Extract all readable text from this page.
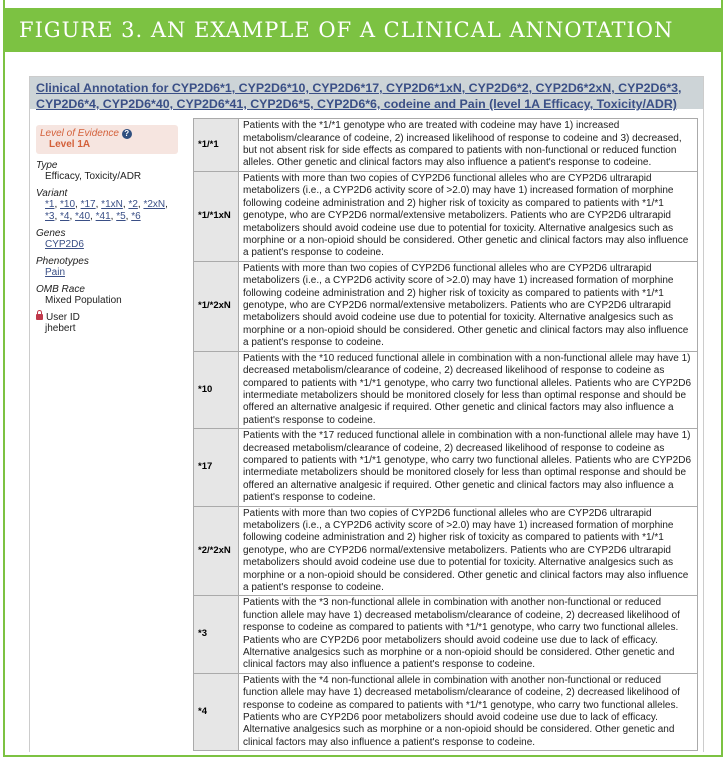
FIGURE 3. AN EXAMPLE OF A CLINICAL ANNOTATION
Clinical Annotation for CYP2D6*1, CYP2D6*10, CYP2D6*17, CYP2D6*1xN, CYP2D6*2, CYP2D6*2xN, CYP2D6*3, CYP2D6*4, CYP2D6*40, CYP2D6*41, CYP2D6*5, CYP2D6*6, codeine and Pain (level 1A Efficacy, Toxicity/ADR)
Level of Evidence ?
Level 1A
Type
Efficacy, Toxicity/ADR
Variant
*1, *10, *17, *1xN, *2, *2xN, *3, *4, *40, *41, *5, *6
Genes
CYP2D6
Phenotypes
Pain
OMB Race
Mixed Population
User ID
jhebert
*1/*1	Patients with the *1/*1 genotype who are treated with codeine may have 1) increased metabolism/clearance of codeine, 2) increased likelihood of response to codeine and 3) decreased, but not absent risk for side effects as compared to patients with non-functional or reduced function alleles. Other genetic and clinical factors may also influence a patient's response to codeine.
*1/*1xN	Patients with more than two copies of CYP2D6 functional alleles who are CYP2D6 ultrarapid metabolizers (i.e., a CYP2D6 activity score of >2.0) may have 1) increased formation of morphine following codeine administration and 2) higher risk of toxicity as compared to patients with *1/*1 genotype, who are CYP2D6 normal/extensive metabolizers. Patients who are CYP2D6 ultrarapid metabolizers should avoid codeine use due to potential for toxicity. Alternative analgesics such as morphine or a non-opioid should be considered. Other genetic and clinical factors may also influence a patient's response to codeine.
*1/*2xN	Patients with more than two copies of CYP2D6 functional alleles who are CYP2D6 ultrarapid metabolizers (i.e., a CYP2D6 activity score of >2.0) may have 1) increased formation of morphine following codeine administration and 2) higher risk of toxicity as compared to patients with *1/*1 genotype, who are CYP2D6 normal/extensive metabolizers. Patients who are CYP2D6 ultrarapid metabolizers should avoid codeine use due to potential for toxicity. Alternative analgesics such as morphine or a non-opioid should be considered. Other genetic and clinical factors may also influence a patient's response to codeine.
*10	Patients with the *10 reduced functional allele in combination with a non-functional allele may have 1) decreased metabolism/clearance of codeine, 2) decreased likelihood of response to codeine as compared to patients with *1/*1 genotype, who carry two functional alleles. Patients who are CYP2D6 intermediate metabolizers should be monitored closely for less than optimal response and should be offered an alternative analgesic if required. Other genetic and clinical factors may also influence a patient's response to codeine.
*17	Patients with the *17 reduced functional allele in combination with a non-functional allele may have 1) decreased metabolism/clearance of codeine, 2) decreased likelihood of response to codeine as compared to patients with *1/*1 genotype, who carry two functional alleles. Patients who are CYP2D6 intermediate metabolizers should be monitored closely for less than optimal response and should be offered an alternative analgesic if required. Other genetic and clinical factors may also influence a patient's response to codeine.
*2/*2xN	Patients with more than two copies of CYP2D6 functional alleles who are CYP2D6 ultrarapid metabolizers (i.e., a CYP2D6 activity score of >2.0) may have 1) increased formation of morphine following codeine administration and 2) higher risk of toxicity as compared to patients with *1/*1 genotype, who are CYP2D6 normal/extensive metabolizers. Patients who are CYP2D6 ultrarapid metabolizers should avoid codeine use due to potential for toxicity. Alternative analgesics such as morphine or a non-opioid should be considered. Other genetic and clinical factors may also influence a patient's response to codeine.
*3	Patients with the *3 non-functional allele in combination with another non-functional or reduced function allele may have 1) decreased metabolism/clearance of codeine, 2) decreased likelihood of response to codeine as compared to patients with *1/*1 genotype, who carry two functional alleles. Patients who are CYP2D6 poor metabolizers should avoid codeine use due to lack of efficacy. Alternative analgesics such as morphine or a non-opioid should be considered. Other genetic and clinical factors may also influence a patient's response to codeine.
*4	Patients with the *4 non-functional allele in combination with another non-functional or reduced function allele may have 1) decreased metabolism/clearance of codeine, 2) decreased likelihood of response to codeine as compared to patients with *1/*1 genotype, who carry two functional alleles. Patients who are CYP2D6 poor metabolizers should avoid codeine use due to lack of efficacy. Alternative analgesics such as morphine or a non-opioid should be considered. Other genetic and clinical factors may also influence a patient's response to codeine.
